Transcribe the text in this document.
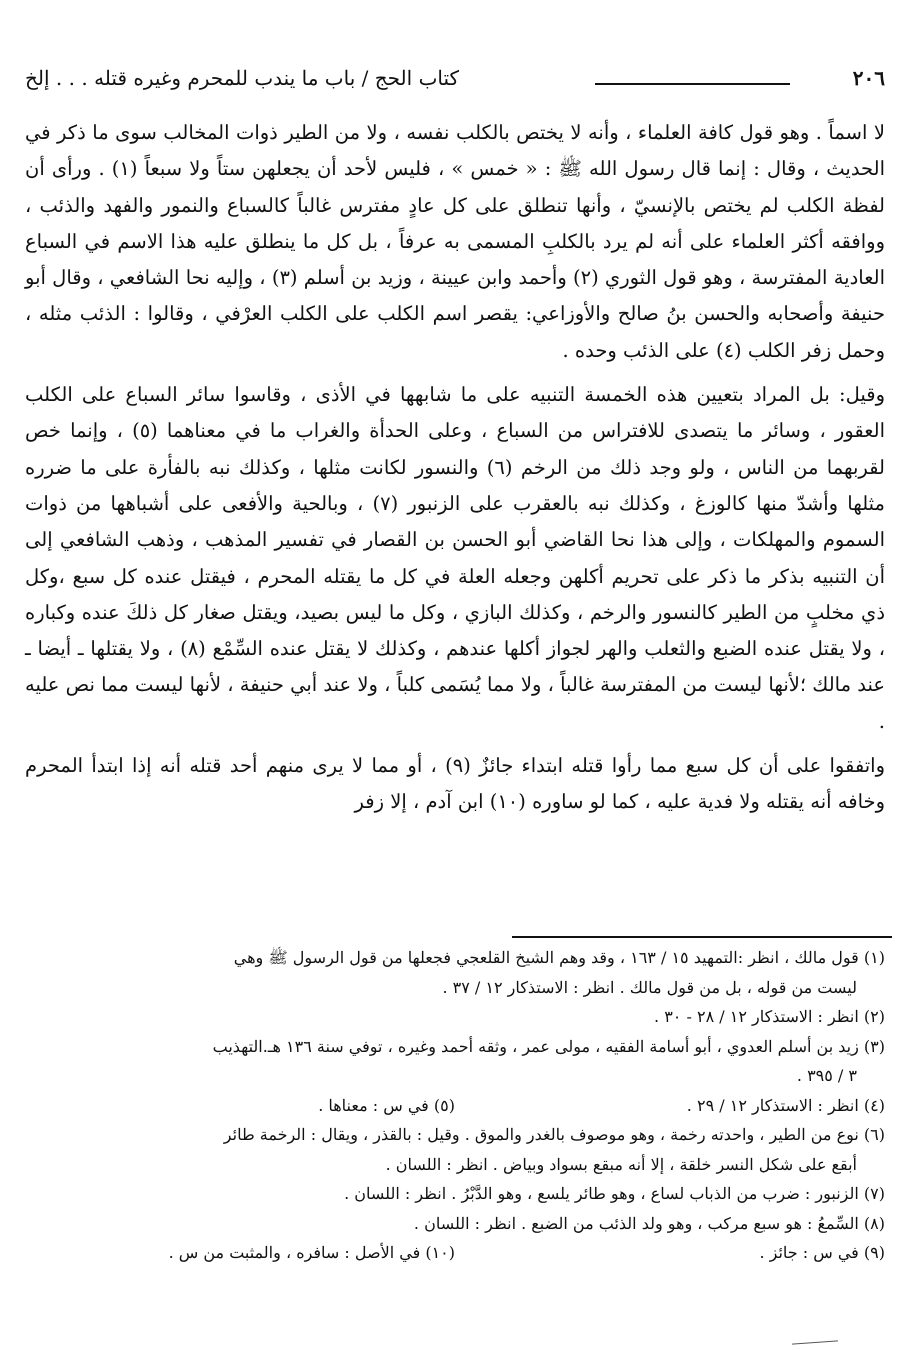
٢٠٦
كتاب الحج / باب ما يندب للمحرم وغيره قتله . . . إلخ

لا اسماً . وهو قول كافة العلماء ، وأنه لا يختص بالكلب نفسه ، ولا من الطير ذوات المخالب سوى ما ذكر في الحديث ، وقال : إنما قال رسول الله ﷺ : « خمس » ، فليس لأحد أن يجعلهن ستاً ولا سبعاً (١) . ورأى أن لفظة الكلب لم يختص بالإنسيّ ، وأنها تنطلق على كل عادٍ مفترس غالباً كالسباع والنمور والفهد والذئب ، ووافقه أكثر العلماء على أنه لم يرد بالكلبِ المسمى به عرفاً ، بل كل ما ينطلق عليه هذا الاسم في السباع العادية المفترسة ، وهو قول الثوري (٢) وأحمد وابن عيينة ، وزيد بن أسلم (٣) ، وإليه نحا الشافعي ، وقال أبو حنيفة وأصحابه والحسن بنُ صالح والأوزاعي: يقصر اسم الكلب على الكلب العرْفي ، وقالوا : الذئب مثله ، وحمل زفر الكلب (٤) على الذئب وحده .

وقيل: بل المراد بتعيين هذه الخمسة التنبيه على ما شابهها في الأذى ، وقاسوا سائر السباع على الكلب العقور ، وسائر ما يتصدى للافتراس من السباع ، وعلى الحدأة والغراب ما في معناهما (٥) ، وإنما خص لقربهما من الناس ، ولو وجد ذلك من الرخم (٦) والنسور لكانت مثلها ، وكذلك نبه بالفأرة على ما ضرره مثلها وأشدّ منها كالوزغ ، وكذلك نبه بالعقرب على الزنبور (٧) ، وبالحية والأفعى على أشباهها من ذوات السموم والمهلكات ، وإلى هذا نحا القاضي أبو الحسن بن القصار في تفسير المذهب ، وذهب الشافعي إلى أن التنبيه بذكر ما ذكر على تحريم أكلهن وجعله العلة في كل ما يقتله المحرم ، فيقتل عنده كل سبع ،وكل ذي مخلبٍ من الطير كالنسور والرخم ، وكذلك البازي ، وكل ما ليس بصيد، ويقتل صغار كل ذلكَ عنده وكباره ، ولا يقتل عنده الضبع والثعلب والهر لجواز أكلها عندهم ، وكذلك لا يقتل عنده السِّمْع (٨) ، ولا يقتلها ـ أيضا ـ عند مالك ؛لأنها ليست من المفترسة غالباً ، ولا مما يُسَمى كلباً ، ولا عند أبي حنيفة ، لأنها ليست مما نص عليه .

واتفقوا على أن كل سبع مما رأوا قتله ابتداء جائزٌ (٩) ، أو مما لا يرى منهم أحد قتله أنه إذا ابتدأ المحرم وخافه أنه يقتله ولا فدية عليه ، كما لو ساوره (١٠) ابن آدم ، إلا زفر

(١) قول مالك ، انظر :التمهيد ١٥ / ١٦٣ ، وقد وهم الشيخ القلعجي فجعلها من قول الرسول ﷺ وهي
ليست من قوله ، بل من قول مالك . انظر : الاستذكار ١٢ / ٣٧ .
(٢) انظر : الاستذكار ١٢ / ٢٨ - ٣٠ .
(٣) زيد بن أسلم العدوي ، أبو أسامة الفقيه ، مولى عمر ، وثقه أحمد وغيره ، توفي سنة ١٣٦ هـ.التهذيب
٣ / ٣٩٥ .
(٤) انظر : الاستذكار ١٢ / ٢٩ .
(٥) في س : معناها .
(٦) نوع من الطير ، واحدته رخمة ، وهو موصوف بالغدر والموق . وقيل : بالقذر ، ويقال : الرخمة طائر
أبقع على شكل النسر خلقة ، إلا أنه مبقع بسواد وبياض . انظر : اللسان .
(٧) الزنبور : ضرب من الذباب لساع ، وهو طائر يلسع ، وهو الدَّبْرُ . انظر : اللسان .
(٨) السِّمعُ : هو سبع مركب ، وهو ولد الذئب من الضبع . انظر : اللسان .
(٩) في س : جائز .
(١٠) في الأصل : سافره ، والمثبت من س .
